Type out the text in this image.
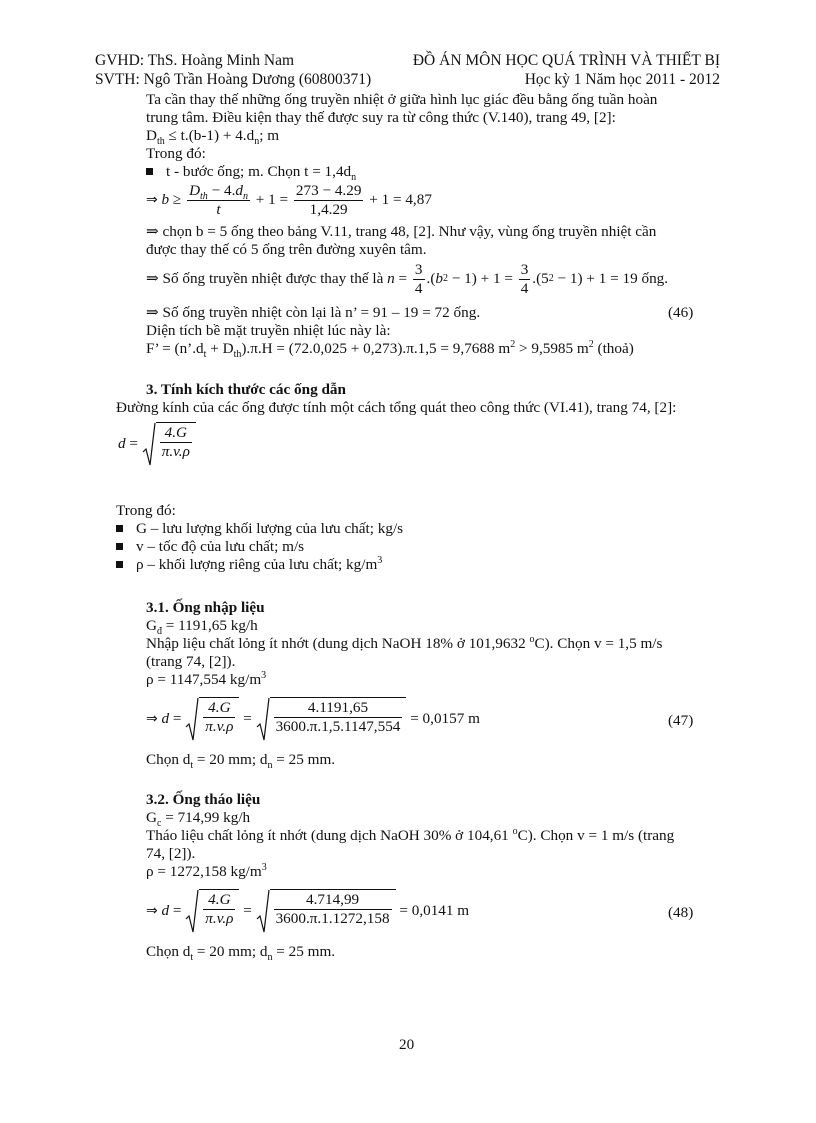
GVHD: ThS. Hoàng Minh Nam
SVTH: Ngô Trần Hoàng Dương (60800371)
ĐỒ ÁN MÔN HỌC QUÁ TRÌNH VÀ THIẾT BỊ
Học kỳ 1 Năm học 2011 - 2012
Ta cần thay thế những ống truyền nhiệt ở giữa hình lục giác đều bằng ống tuần hoàn
trung tâm. Điều kiện thay thế được suy ra từ công thức (V.140), trang 49, [2]:
$D_{th} \le t.(b-1) + 4.d_n$; m
Trong đó:
t - bước ống; m. Chọn $t = 1,4d_n$
⇒
$b \ge \frac{D_{th} - 4.d_n}{t} + 1 = \frac{273 - 4.29}{1,4.29}$
+ 1 = 4,87
⇒ chọn b = 5 ống theo bảng V.11, trang 48, [2]. Như vậy, vùng ống truyền nhiệt cần
được thay thế có 5 ống trên đường xuyên tâm.
⇒ Số ống truyền nhiệt được thay thế là
$n = \frac{3}{4}$ .( b $2 - 1) + 1 = \frac{3}{4} .(5$ 2 − 1) + 1 = 19 ống.
⇒ Số ống truyền nhiệt còn lại là n’ = 91 – 19 = 72 ống.	(46)
Diện tích bề mặt truyền nhiệt lúc này là:
F’ = $(n’.d_t + D_{th}).\pi.H = (72.0,025 + 0,273).\pi.1,5 = 9,7688$ $m^2 > 9,5985$ $m^2$ (thoả)
3. Tính kích thước các ống dẫn
Đường kính của các ống được tính một cách tổng quát theo công thức (VI.41), trang 74, [2]:
$d = \frac{4.G}{\pi.v.\rho}$
Trong đó:
G – lưu lượng khối lượng của lưu chất; kg/s
v – tốc độ của lưu chất; m/s
ρ – khối lượng riêng của lưu chất; $kg/m^3$
3.1. Ống nhập liệu
$G_đ = 1191,65$ kg/h
Nhập liệu chất lỏng ít nhớt (dung dịch NaOH 18% ở 101,9632 $^o$C). Chọn v = 1,5 m/s
(trang 74, [2]).
ρ = 1147,554 $kg/m^3$
⇒
$d = \frac{4.G}{\pi.v.\rho} = \frac{4.1191,65}{3600.\pi.1,5.1147,554}$
= 0,0157 m	(47)
Chọn $d_t = 20$ mm; $d_n = 25$ mm.
3.2. Ống tháo liệu
$G_c = 714,99$ kg/h
Tháo liệu chất lỏng ít nhớt (dung dịch NaOH 30% ở 104,61 $^o$C). Chọn v = 1 m/s (trang
74, [2]).
ρ = 1272,158 $kg/m^3$
⇒
$d = \frac{4.G}{\pi.v.\rho} = \frac{4.714,99}{3600.\pi.1.1272,158}$
= 0,0141 m	(48)
Chọn $d_t = 20$ mm; $d_n = 25$ mm.
20
